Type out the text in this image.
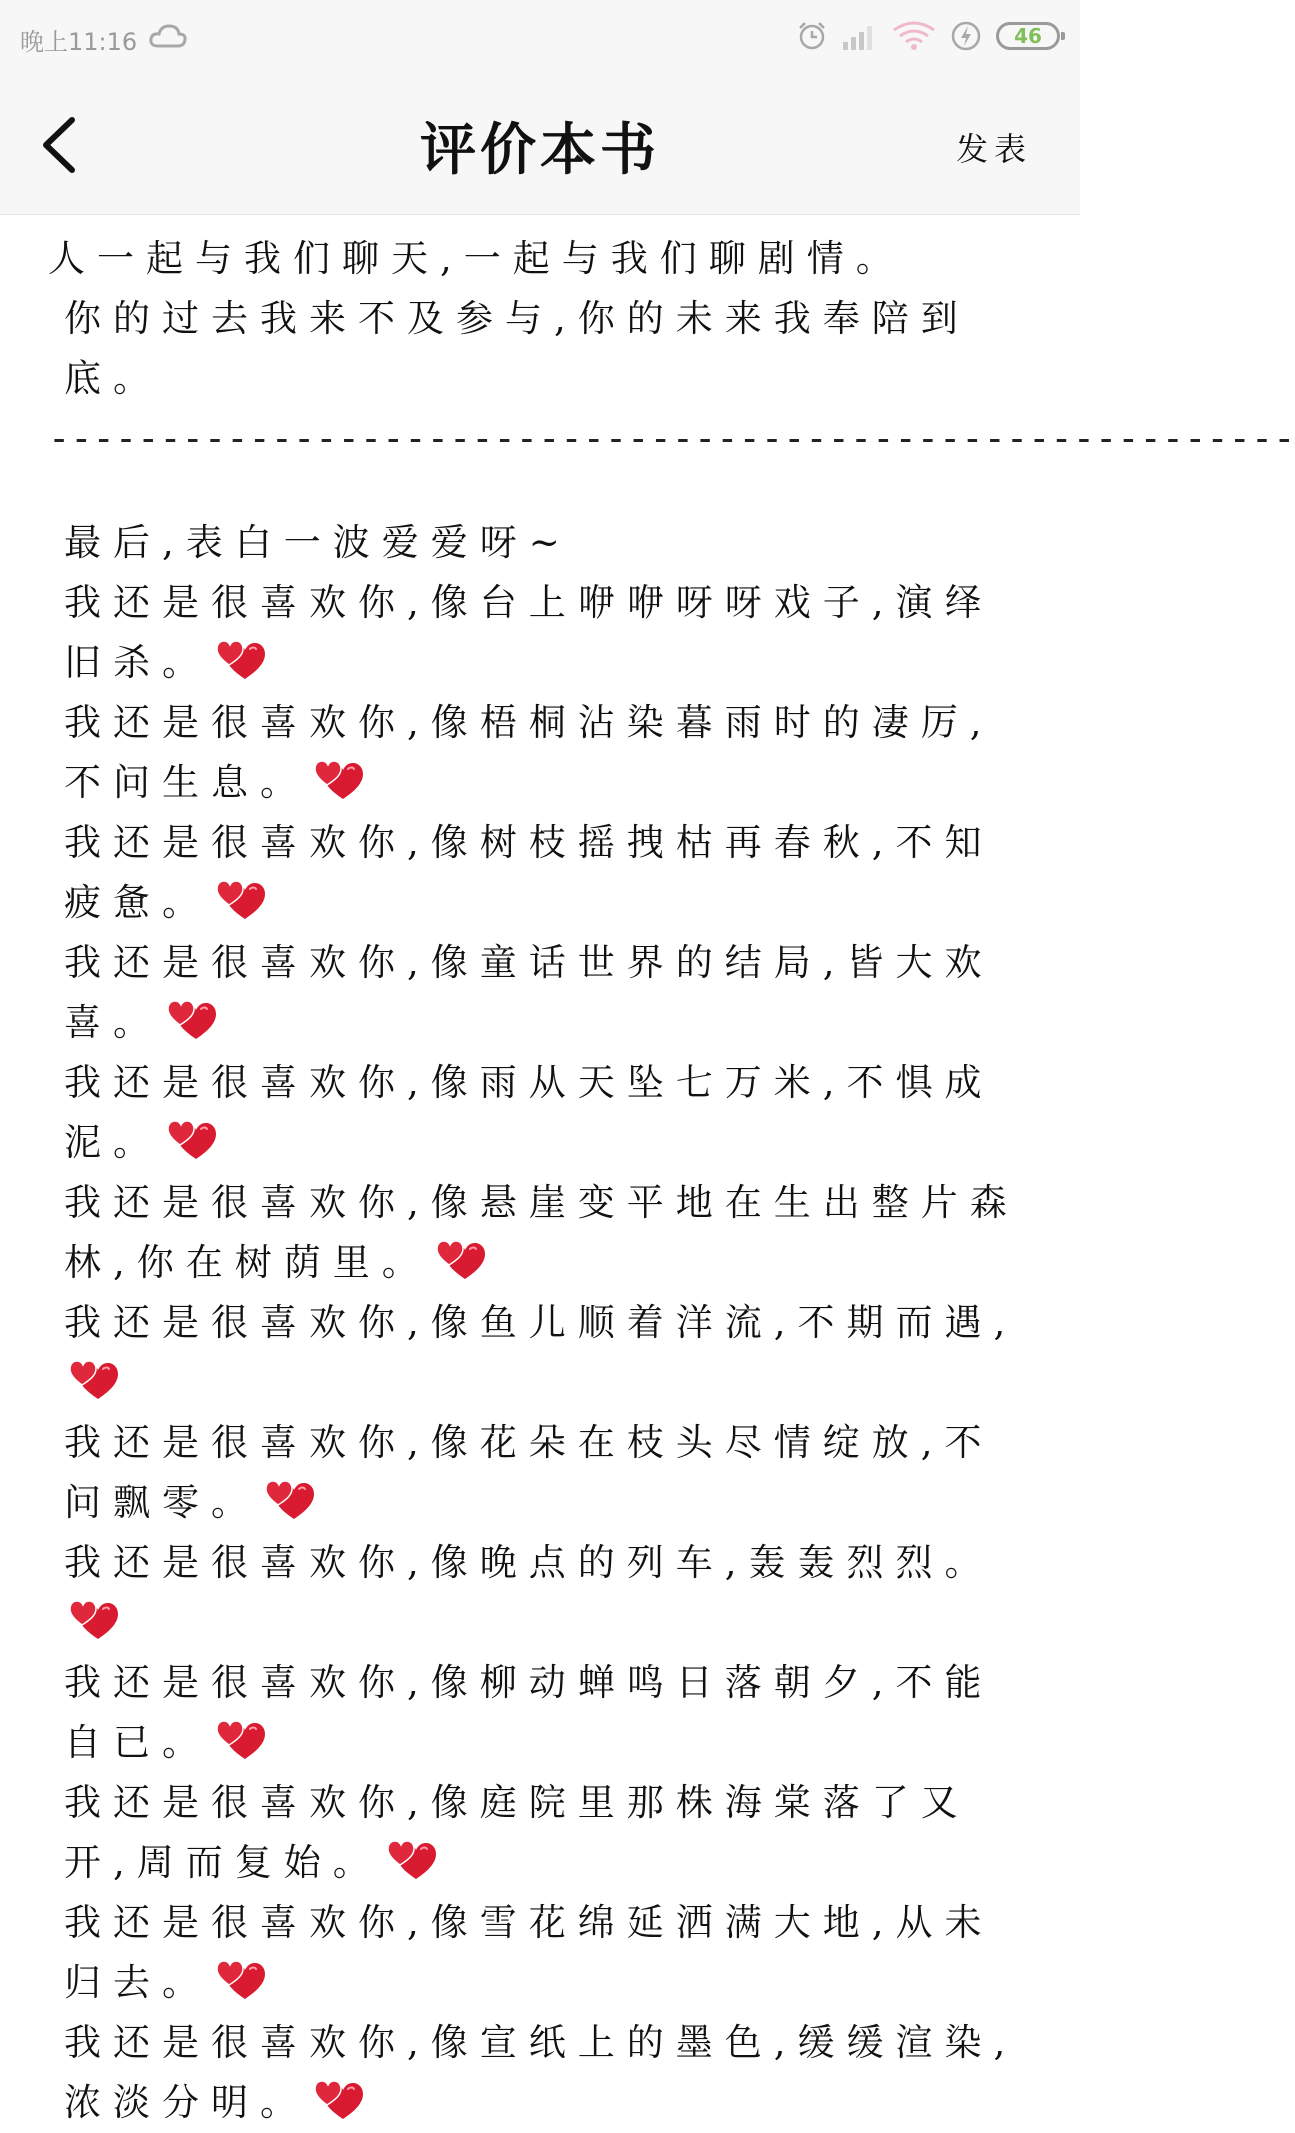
晚上11:16	46
评价本书	发表

人一起与我们聊天,一起与我们聊剧情。

你的过去我来不及参与,你的未来我奉陪到底。

--------------------------------------------------------

最后,表白一波爱爱呀~

我还是很喜欢你,像台上咿咿呀呀戏子,演绎旧杀。

我还是很喜欢你,像梧桐沾染暮雨时的凄厉,不问生息。

我还是很喜欢你,像树枝摇拽枯再春秋,不知疲惫。

我还是很喜欢你,像童话世界的结局,皆大欢喜。

我还是很喜欢你,像雨从天坠七万米,不惧成泥。

我还是很喜欢你,像悬崖变平地在生出整片森林,你在树荫里。

我还是很喜欢你,像鱼儿顺着洋流,不期而遇,

我还是很喜欢你,像花朵在枝头尽情绽放,不问飘零。

我还是很喜欢你,像晚点的列车,轰轰烈烈。

我还是很喜欢你,像柳动蝉鸣日落朝夕,不能自已。

我还是很喜欢你,像庭院里那株海棠落了又开,周而复始。

我还是很喜欢你,像雪花绵延洒满大地,从未归去。

我还是很喜欢你,像宣纸上的墨色,缓缓渲染,浓淡分明。
